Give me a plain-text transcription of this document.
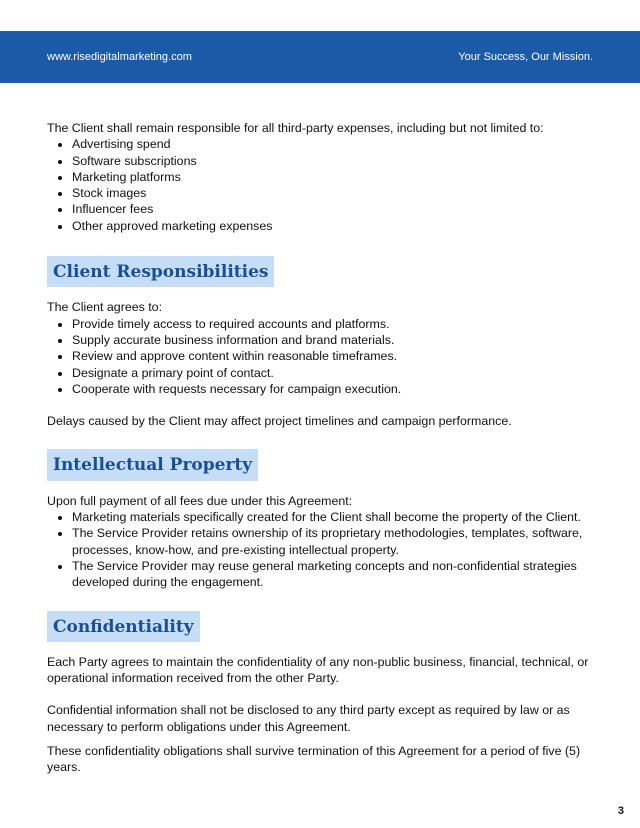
www.risedigitalmarketing.com	Your Success, Our Mission.

The Client shall remain responsible for all third-party expenses, including but not limited to:

• Advertising spend
• Software subscriptions
• Marketing platforms
• Stock images
• Influencer fees
• Other approved marketing expenses
Client Responsibilities

The Client agrees to:

• Provide timely access to required accounts and platforms.
• Supply accurate business information and brand materials.
• Review and approve content within reasonable timeframes.
• Designate a primary point of contact.
• Cooperate with requests necessary for campaign execution.

Delays caused by the Client may affect project timelines and campaign performance.

Intellectual Property

Upon full payment of all fees due under this Agreement:

• Marketing materials specifically created for the Client shall become the property of the Client.
• The Service Provider retains ownership of its proprietary methodologies, templates, software, processes, know-how, and pre-existing intellectual property.
• The Service Provider may reuse general marketing concepts and non-confidential strategies developed during the engagement.
Confidentiality

Each Party agrees to maintain the confidentiality of any non-public business, financial, technical, or operational information received from the other Party.

Confidential information shall not be disclosed to any third party except as required by law or as necessary to perform obligations under this Agreement.

These confidentiality obligations shall survive termination of this Agreement for a period of five (5) years.

3
